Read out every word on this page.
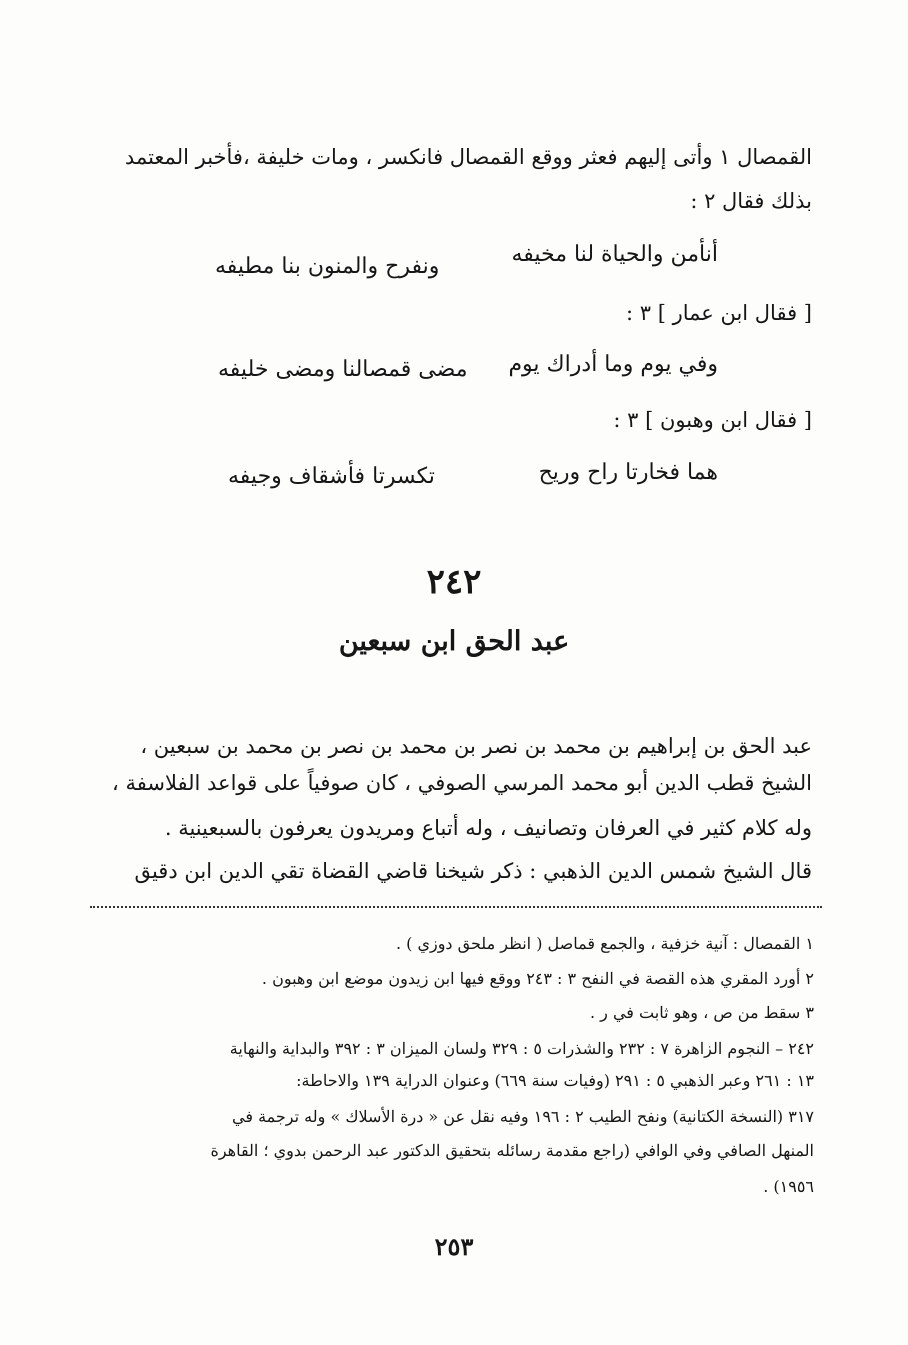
القمصال ١ وأتى إليهم فعثر ووقع القمصال فانكسر ، ومات خليفة ،فأخبر المعتمد
بذلك فقال ٢ :
أنأمن والحياة لنا مخيفه
ونفرح والمنون بنا مطيفه
[ فقال ابن عمار ] ٣ :
وفي يوم وما أدراك يوم
مضى قمصالنا ومضى خليفه
[ فقال ابن وهبون ] ٣ :
هما فخارتا راح وريح
تكسرتا فأشقاف وجيفه
٢٤٢
عبد الحق ابن سبعين
عبد الحق بن إبراهيم بن محمد بن نصر بن محمد بن نصر بن محمد بن سبعين ،
الشيخ قطب الدين أبو محمد المرسي الصوفي ، كان صوفياً على قواعد الفلاسفة ،
وله كلام كثير في العرفان وتصانيف ، وله أتباع ومريدون يعرفون بالسبعينية .
قال الشيخ شمس الدين الذهبي : ذكر شيخنا قاضي القضاة تقي الدين ابن دقيق
١ القمصال : آنية خزفية ، والجمع قماصل ( انظر ملحق دوزي ) .
٢ أورد المقري هذه القصة في النفح ٣ : ٢٤٣ ووقع فيها ابن زيدون موضع ابن وهبون .
٣ سقط من ص ، وهو ثابت في ر .
٢٤٢ – النجوم الزاهرة ٧ : ٢٣٢ والشذرات ٥ : ٣٢٩ ولسان الميزان ٣ : ٣٩٢ والبداية والنهاية
١٣ : ٢٦١ وعبر الذهبي ٥ : ٢٩١ (وفيات سنة ٦٦٩) وعنوان الدراية ١٣٩ والاحاطة:
٣١٧ (النسخة الكتانية) ونفح الطيب ٢ : ١٩٦ وفيه نقل عن « درة الأسلاك » وله ترجمة في
المنهل الصافي وفي الوافي (راجع مقدمة رسائله بتحقيق الدكتور عبد الرحمن بدوي ؛ القاهرة
١٩٥٦) .
٢٥٣
